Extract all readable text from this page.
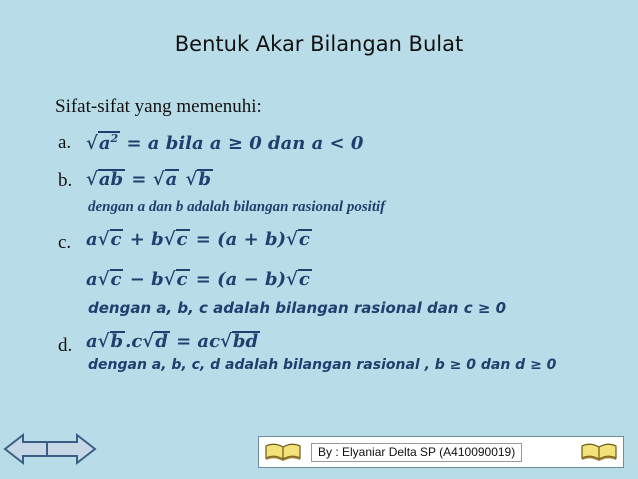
Bentuk Akar Bilangan Bulat
Sifat-sifat yang memenuhi:
a. $√a^2 = a$ bila a ≥ 0 dan a < 0
b. √ab = √a √b
dengan a dan b adalah bilangan rasional positif
c. a√c + b√c = (a + b)√c
a√c − b√c = (a − b)√c
dengan a, b, c adalah bilangan rasional dan c ≥ 0
d. a√b .c√d = ac√bd
dengan a, b, c, d adalah bilangan rasional , b ≥ 0 dan d ≥ 0
By : Elyaniar Delta SP (A410090019)
